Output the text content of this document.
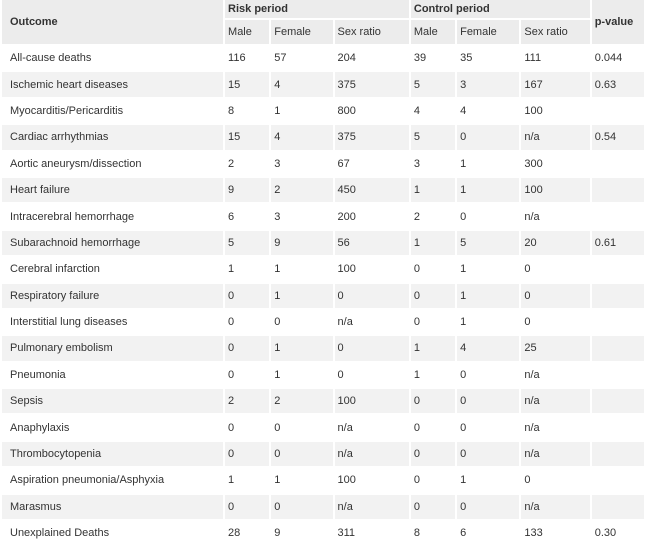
Outcome	Risk period			Control period			p-value
	Male	Female	Sex ratio	Male	Female	Sex ratio	
All-cause deaths	116	57	204	39	35	111	0.044
Ischemic heart diseases	15	4	375	5	3	167	0.63
Myocarditis/Pericarditis	8	1	800	4	4	100	
Cardiac arrhythmias	15	4	375	5	0	n/a	0.54
Aortic aneurysm/dissection	2	3	67	3	1	300	
Heart failure	9	2	450	1	1	100	
Intracerebral hemorrhage	6	3	200	2	0	n/a	
Subarachnoid hemorrhage	5	9	56	1	5	20	0.61
Cerebral infarction	1	1	100	0	1	0	
Respiratory failure	0	1	0	0	1	0	
Interstitial lung diseases	0	0	n/a	0	1	0	
Pulmonary embolism	0	1	0	1	4	25	
Pneumonia	0	1	0	1	0	n/a	
Sepsis	2	2	100	0	0	n/a	
Anaphylaxis	0	0	n/a	0	0	n/a	
Thrombocytopenia	0	0	n/a	0	0	n/a	
Aspiration pneumonia/Asphyxia	1	1	100	0	1	0	
Marasmus	0	0	n/a	0	0	n/a	
Unexplained Deaths	28	9	311	8	6	133	0.30
